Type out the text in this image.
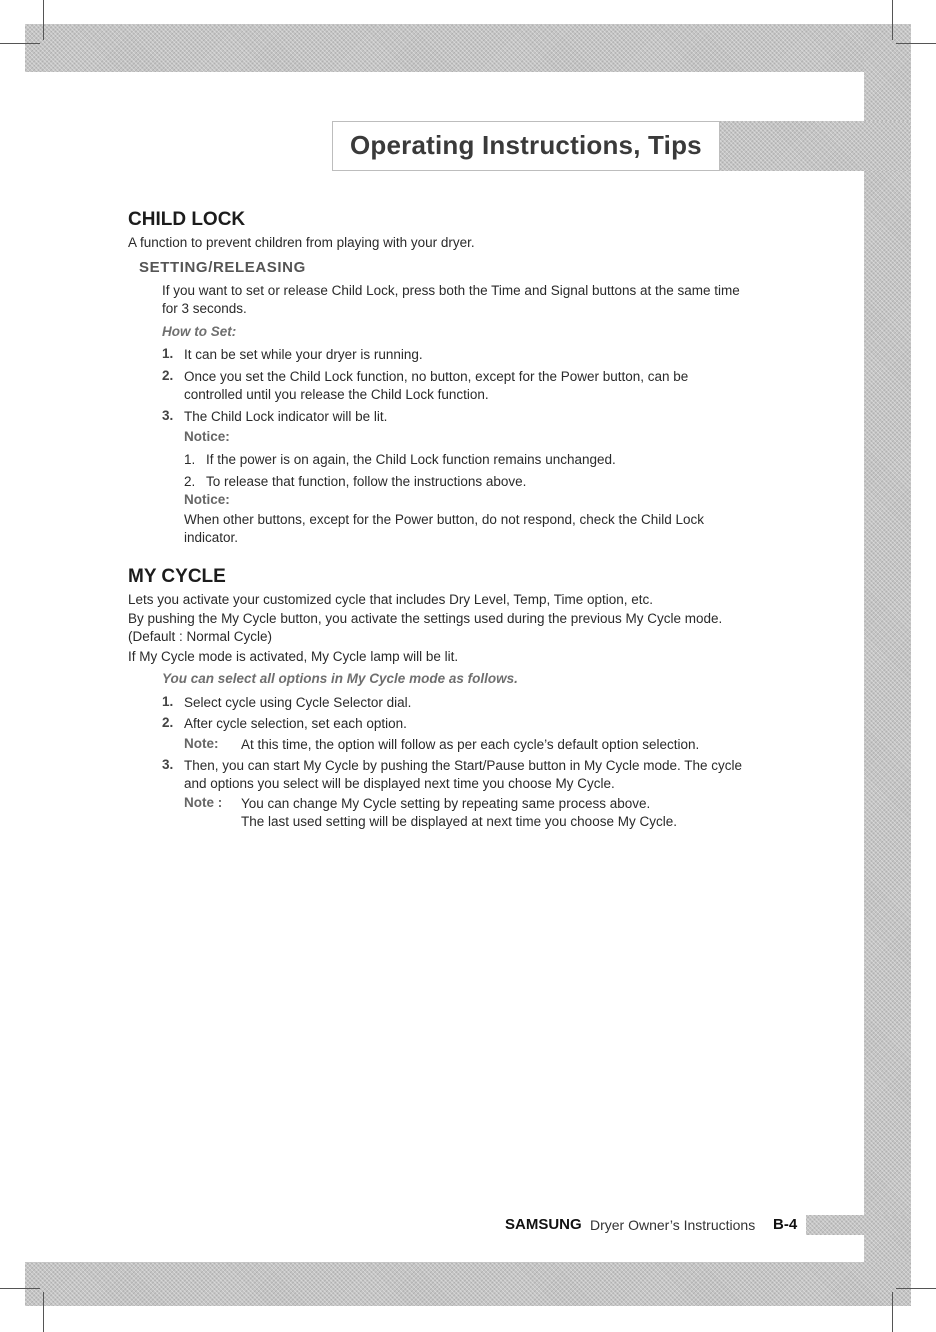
Operating Instructions, Tips
CHILD LOCK
A function to prevent children from playing with your dryer.
SETTING/RELEASING
If you want to set or release Child Lock, press both the Time and Signal buttons at the same time
for 3 seconds.
How to Set:
1. It can be set while your dryer is running.
2. Once you set the Child Lock function, no button, except for the Power button, can be
controlled until you release the Child Lock function.
3. The Child Lock indicator will be lit.
Notice:
1. If the power is on again, the Child Lock function remains unchanged.
2. To release that function, follow the instructions above.
Notice:
When other buttons, except for the Power button, do not respond, check the Child Lock
indicator.
MY CYCLE
Lets you activate your customized cycle that includes Dry Level, Temp, Time option, etc.
By pushing the My Cycle button, you activate the settings used during the previous My Cycle mode.
(Default : Normal Cycle)
If My Cycle mode is activated, My Cycle lamp will be lit.
You can select all options in My Cycle mode as follows.
1. Select cycle using Cycle Selector dial.
2. After cycle selection, set each option.
Note: At this time, the option will follow as per each cycle’s default option selection.
3. Then, you can start My Cycle by pushing the Start/Pause button in My Cycle mode. The cycle
and options you select will be displayed next time you choose My Cycle.
Note : You can change My Cycle setting by repeating same process above.
The last used setting will be displayed at next time you choose My Cycle.
SAMSUNG Dryer Owner’s Instructions B-4
